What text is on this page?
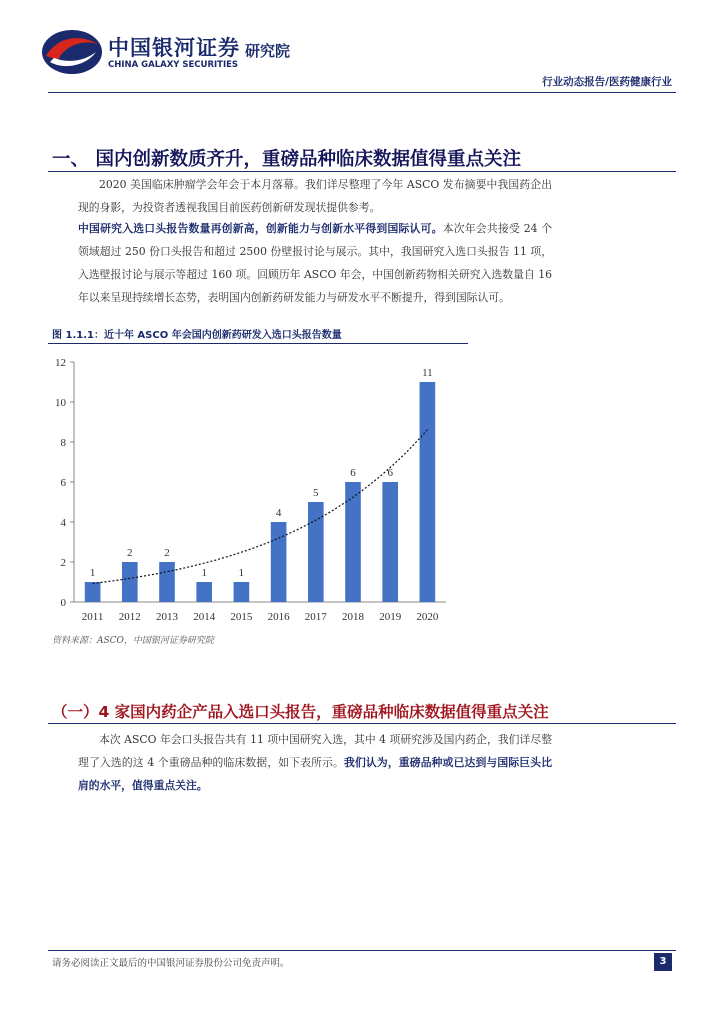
中国银河证券
CHINA GALAXY SECURITIES
研究院
行业动态报告/医药健康行业
一、 国内创新数质齐升，重磅品种临床数据值得重点关注
2020 美国临床肿瘤学会年会于本月落幕。我们详尽整理了今年 ASCO 发布摘要中我国药企出现的身影，为投资者透视我国目前医药创新研发现状提供参考。
中国研究入选口头报告数量再创新高，创新能力与创新水平得到国际认可。本次年会共接受 24 个领域超过 250 份口头报告和超过 2500 份壁报讨论与展示。其中，我国研究入选口头报告 11 项，入选壁报讨论与展示等超过 160 项。回顾历年 ASCO 年会，中国创新药物相关研究入选数量自 16 年以来呈现持续增长态势，表明国内创新药研发能力与研发水平不断提升，得到国际认可。
图 1.1.1：近十年 ASCO 年会国内创新药研发入选口头报告数量
0
2
4
6
8
10
12
1
2011
2
2012
2
2013
1
2014
1
2015
4
2016
5
2017
6
2018
6
2019
11
2020
资料来源：ASCO，中国银河证券研究院
（一）4 家国内药企产品入选口头报告，重磅品种临床数据值得重点关注
本次 ASCO 年会口头报告共有 11 项中国研究入选，其中 4 项研究涉及国内药企，我们详尽整理了入选的这 4 个重磅品种的临床数据，如下表所示。我们认为，重磅品种或已达到与国际巨头比肩的水平，值得重点关注。
请务必阅读正文最后的中国银河证券股份公司免责声明。	3
